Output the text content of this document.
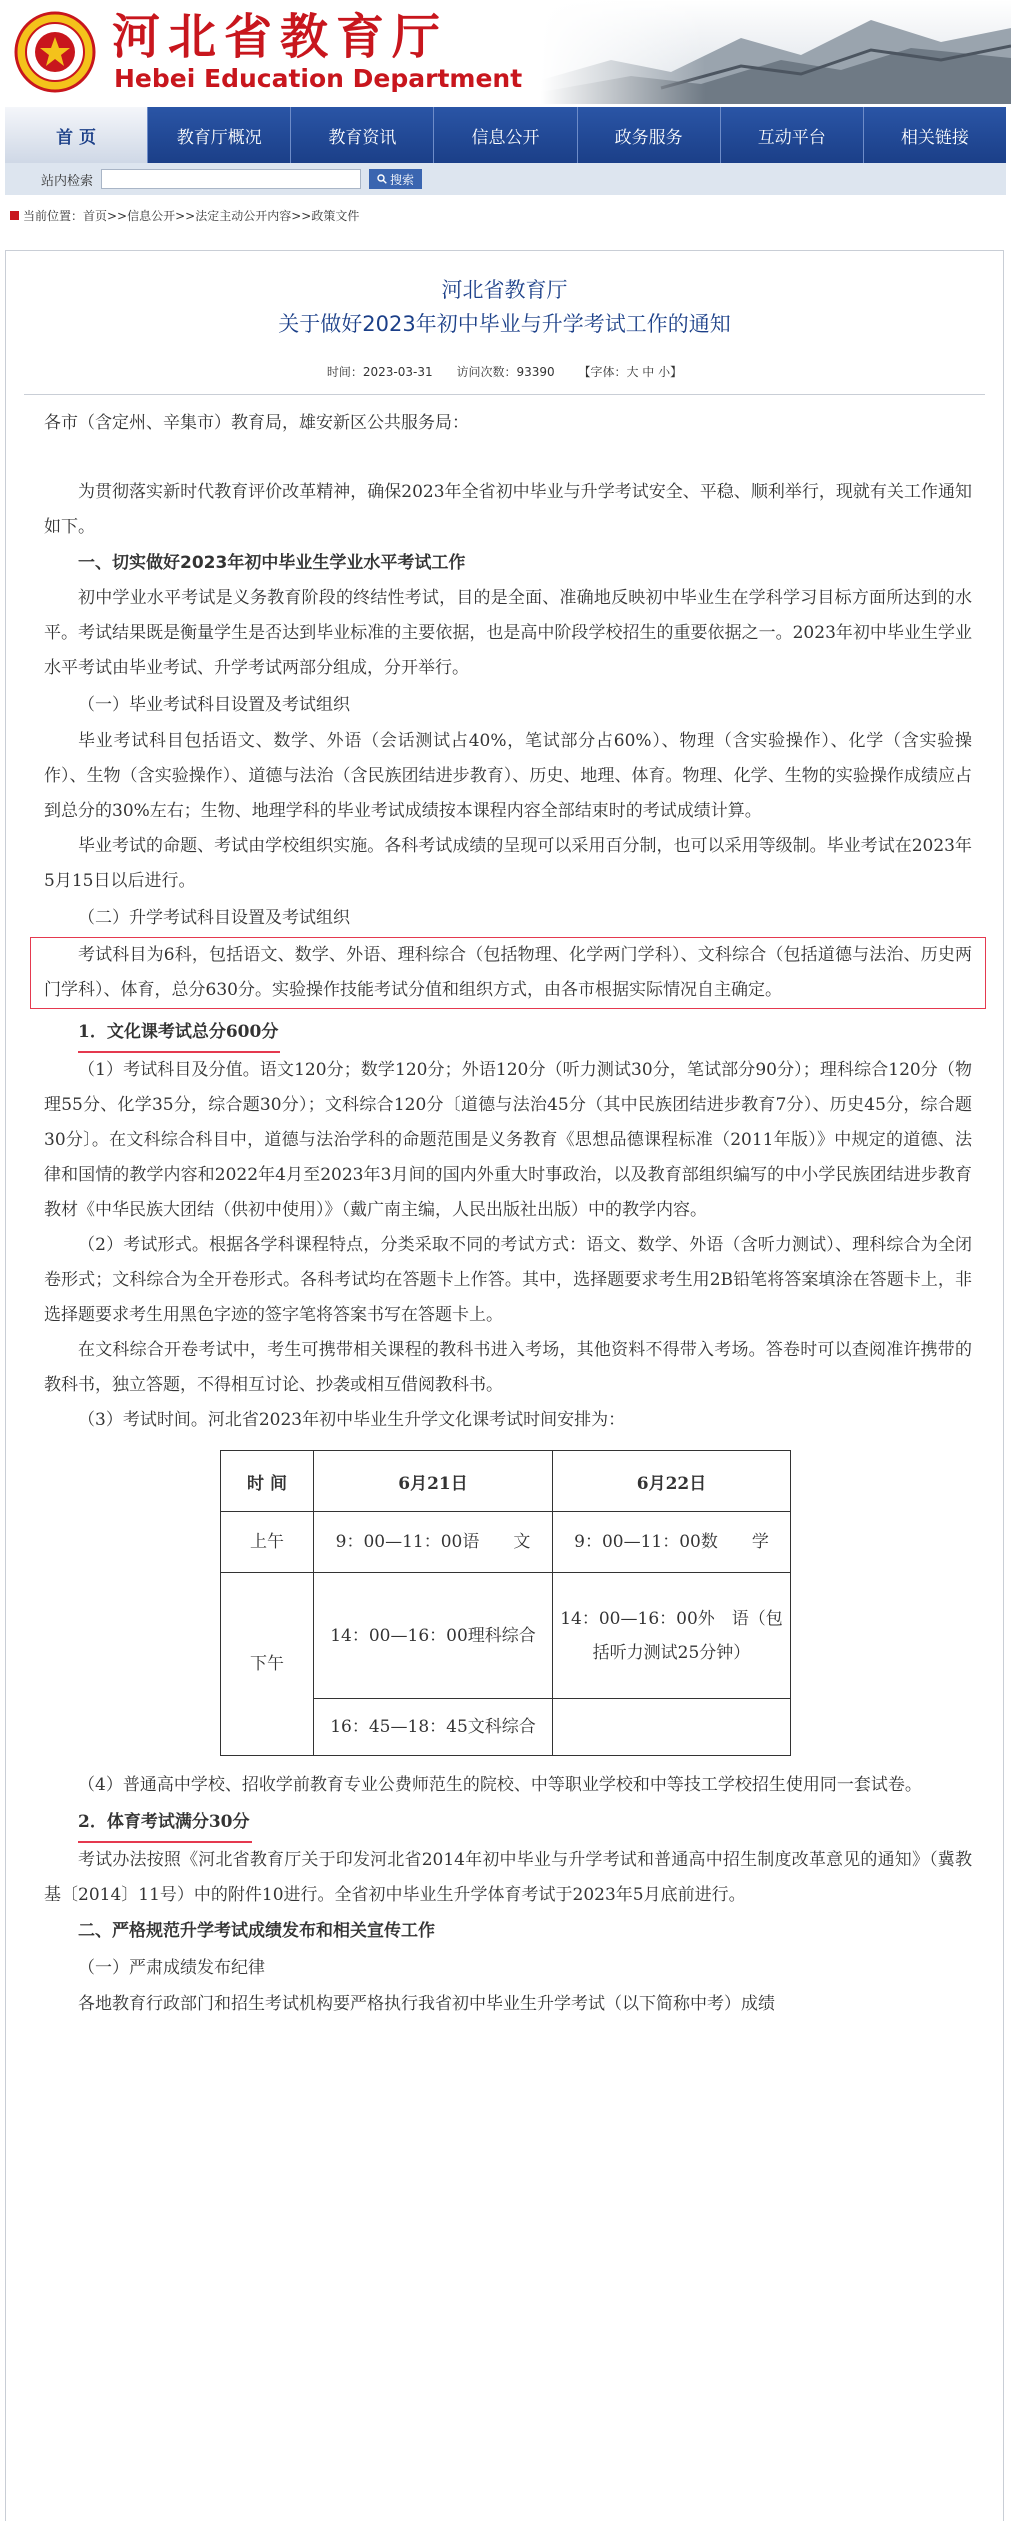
河北省教育厅
Hebei Education Department
首 页	教育厅概况	教育资讯	信息公开	政务服务	互动平台	相关链接
站内检索	搜索
当前位置：首页>>信息公开>>法定主动公开内容>>政策文件
河北省教育厅
关于做好2023年初中毕业与升学考试工作的通知
时间：2023-03-31 访问次数：93390 【字体：大 中 小】

各市（含定州、辛集市）教育局，雄安新区公共服务局：

为贯彻落实新时代教育评价改革精神，确保2023年全省初中毕业与升学考试安全、平稳、顺利举行，现就有关工作通知如下。

一、切实做好2023年初中毕业生学业水平考试工作

初中学业水平考试是义务教育阶段的终结性考试，目的是全面、准确地反映初中毕业生在学科学习目标方面所达到的水平。考试结果既是衡量学生是否达到毕业标准的主要依据，也是高中阶段学校招生的重要依据之一。2023年初中毕业生学业水平考试由毕业考试、升学考试两部分组成，分开举行。

（一）毕业考试科目设置及考试组织

毕业考试科目包括语文、数学、外语（会话测试占40%，笔试部分占60%）、物理（含实验操作）、化学（含实验操作）、生物（含实验操作）、道德与法治（含民族团结进步教育）、历史、地理、体育。物理、化学、生物的实验操作成绩应占到总分的30%左右；生物、地理学科的毕业考试成绩按本课程内容全部结束时的考试成绩计算。

毕业考试的命题、考试由学校组织实施。各科考试成绩的呈现可以采用百分制，也可以采用等级制。毕业考试在2023年5月15日以后进行。

（二）升学考试科目设置及考试组织

考试科目为6科，包括语文、数学、外语、理科综合（包括物理、化学两门学科）、文科综合（包括道德与法治、历史两门学科）、体育，总分630分。实验操作技能考试分值和组织方式，由各市根据实际情况自主确定。

1．文化课考试总分600分

（1）考试科目及分值。语文120分；数学120分；外语120分（听力测试30分，笔试部分90分）；理科综合120分（物理55分、化学35分，综合题30分）；文科综合120分〔道德与法治45分（其中民族团结进步教育7分）、历史45分，综合题30分〕。在文科综合科目中，道德与法治学科的命题范围是义务教育《思想品德课程标准（2011年版）》中规定的道德、法律和国情的教学内容和2022年4月至2023年3月间的国内外重大时事政治，以及教育部组织编写的中小学民族团结进步教育教材《中华民族大团结（供初中使用）》（戴广南主编，人民出版社出版）中的教学内容。

（2）考试形式。根据各学科课程特点，分类采取不同的考试方式：语文、数学、外语（含听力测试）、理科综合为全闭卷形式；文科综合为全开卷形式。各科考试均在答题卡上作答。其中，选择题要求考生用2B铅笔将答案填涂在答题卡上，非选择题要求考生用黑色字迹的签字笔将答案书写在答题卡上。

在文科综合开卷考试中，考生可携带相关课程的教科书进入考场，其他资料不得带入考场。答卷时可以查阅准许携带的教科书，独立答题，不得相互讨论、抄袭或相互借阅教科书。

（3）考试时间。河北省2023年初中毕业生升学文化课考试时间安排为：

时 间	6月21日	6月22日
上午	9：00—11：00语　　文	9：00—11：00数　　学
下午	14：00—16：00理科综合	14：00—16：00外　语（包括听力测试25分钟）
	16：45—18：45文科综合	

（4）普通高中学校、招收学前教育专业公费师范生的院校、中等职业学校和中等技工学校招生使用同一套试卷。

2．体育考试满分30分

考试办法按照《河北省教育厅关于印发河北省2014年初中毕业与升学考试和普通高中招生制度改革意见的通知》（冀教基〔2014〕11号）中的附件10进行。全省初中毕业生升学体育考试于2023年5月底前进行。

二、严格规范升学考试成绩发布和相关宣传工作

（一）严肃成绩发布纪律

各地教育行政部门和招生考试机构要严格执行我省初中毕业生升学考试（以下简称中考）成绩
